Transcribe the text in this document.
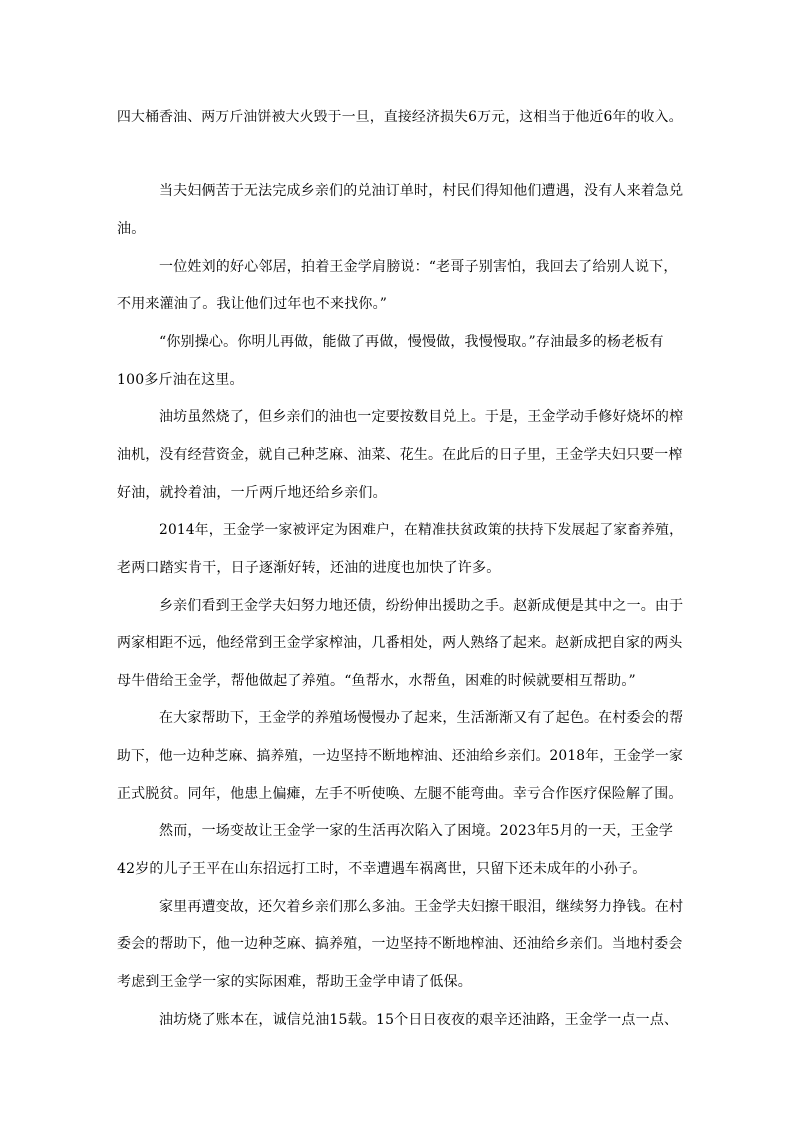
四大桶香油、两万斤油饼被大火毁于一旦，直接经济损失6万元，这相当于他近6年的收入。
当夫妇俩苦于无法完成乡亲们的兑油订单时，村民们得知他们遭遇，没有人来着急兑
油。
一位姓刘的好心邻居，拍着王金学肩膀说：“老哥子别害怕，我回去了给别人说下，
不用来灌油了。我让他们过年也不来找你。”
“你别操心。你明儿再做，能做了再做，慢慢做，我慢慢取。”存油最多的杨老板有
100多斤油在这里。
油坊虽然烧了，但乡亲们的油也一定要按数目兑上。于是，王金学动手修好烧坏的榨
油机，没有经营资金，就自己种芝麻、油菜、花生。在此后的日子里，王金学夫妇只要一榨
好油，就拎着油，一斤两斤地还给乡亲们。
2014年，王金学一家被评定为困难户，在精准扶贫政策的扶持下发展起了家畜养殖，
老两口踏实肯干，日子逐渐好转，还油的进度也加快了许多。
乡亲们看到王金学夫妇努力地还债，纷纷伸出援助之手。赵新成便是其中之一。由于
两家相距不远，他经常到王金学家榨油，几番相处，两人熟络了起来。赵新成把自家的两头
母牛借给王金学，帮他做起了养殖。“鱼帮水，水帮鱼，困难的时候就要相互帮助。”
在大家帮助下，王金学的养殖场慢慢办了起来，生活渐渐又有了起色。在村委会的帮
助下，他一边种芝麻、搞养殖，一边坚持不断地榨油、还油给乡亲们。2018年，王金学一家
正式脱贫。同年，他患上偏瘫，左手不听使唤、左腿不能弯曲。幸亏合作医疗保险解了围。
然而，一场变故让王金学一家的生活再次陷入了困境。2023年5月的一天，王金学
42岁的儿子王平在山东招远打工时，不幸遭遇车祸离世，只留下还未成年的小孙子。
家里再遭变故，还欠着乡亲们那么多油。王金学夫妇擦干眼泪，继续努力挣钱。在村
委会的帮助下，他一边种芝麻、搞养殖，一边坚持不断地榨油、还油给乡亲们。当地村委会
考虑到王金学一家的实际困难，帮助王金学申请了低保。
油坊烧了账本在，诚信兑油15载。15个日日夜夜的艰辛还油路，王金学一点一点、
